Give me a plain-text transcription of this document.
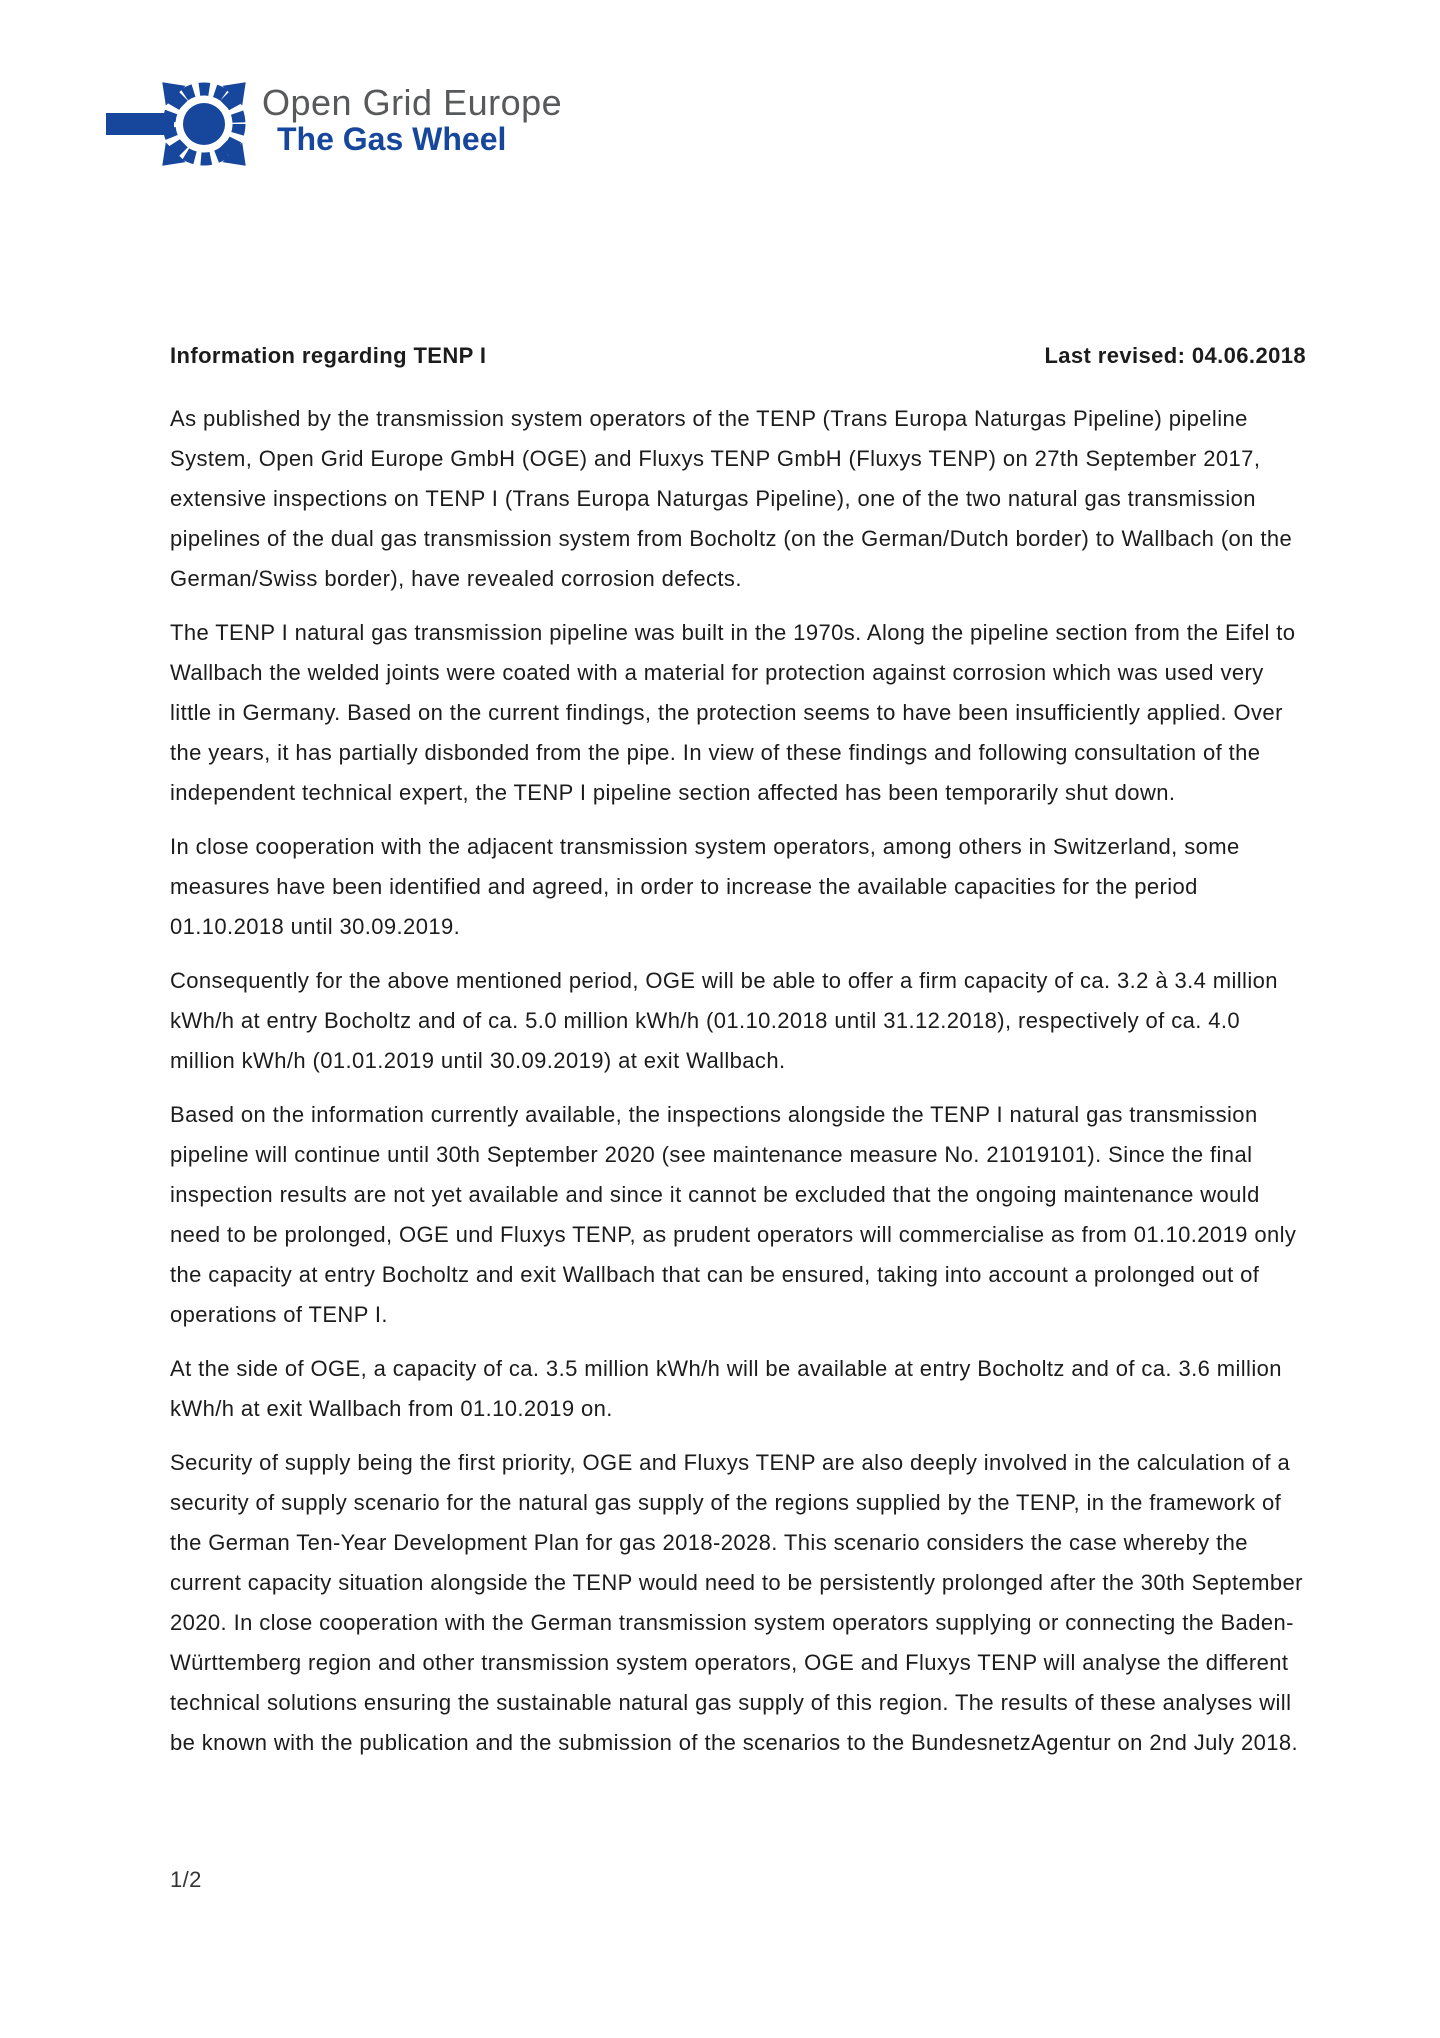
Open Grid Europe
The Gas Wheel
Information regarding TENP I	Last revised: 04.06.2018

As published by the transmission system operators of the TENP (Trans Europa Naturgas Pipeline) pipeline System, Open Grid Europe GmbH (OGE) and Fluxys TENP GmbH (Fluxys TENP) on 27th September 2017, extensive inspections on TENP I (Trans Europa Naturgas Pipeline), one of the two natural gas transmission pipelines of the dual gas transmission system from Bocholtz (on the German/Dutch border) to Wallbach (on the German/Swiss border), have revealed corrosion defects.

The TENP I natural gas transmission pipeline was built in the 1970s. Along the pipeline section from the Eifel to Wallbach the welded joints were coated with a material for protection against corrosion which was used very little in Germany. Based on the current findings, the protection seems to have been insufficiently applied. Over the years, it has partially disbonded from the pipe. In view of these findings and following consultation of the independent technical expert, the TENP I pipeline section affected has been temporarily shut down.

In close cooperation with the adjacent transmission system operators, among others in Switzerland, some measures have been identified and agreed, in order to increase the available capacities for the period 01.10.2018 until 30.09.2019.

Consequently for the above mentioned period, OGE will be able to offer a firm capacity of ca. 3.2 à 3.4 million kWh/h at entry Bocholtz and of ca. 5.0 million kWh/h (01.10.2018 until 31.12.2018), respectively of ca. 4.0 million kWh/h (01.01.2019 until 30.09.2019) at exit Wallbach.

Based on the information currently available, the inspections alongside the TENP I natural gas transmission pipeline will continue until 30th September 2020 (see maintenance measure No. 21019101). Since the final inspection results are not yet available and since it cannot be excluded that the ongoing maintenance would need to be prolonged, OGE und Fluxys TENP, as prudent operators will commercialise as from 01.10.2019 only the capacity at entry Bocholtz and exit Wallbach that can be ensured, taking into account a prolonged out of operations of TENP I.

At the side of OGE, a capacity of ca. 3.5 million kWh/h will be available at entry Bocholtz and of ca. 3.6 million kWh/h at exit Wallbach from 01.10.2019 on.

Security of supply being the first priority, OGE and Fluxys TENP are also deeply involved in the calculation of a security of supply scenario for the natural gas supply of the regions supplied by the TENP, in the framework of the German Ten-Year Development Plan for gas 2018-2028. This scenario considers the case whereby the current capacity situation alongside the TENP would need to be persistently prolonged after the 30th September 2020. In close cooperation with the German transmission system operators supplying or connecting the Baden-Württemberg region and other transmission system operators, OGE and Fluxys TENP will analyse the different technical solutions ensuring the sustainable natural gas supply of this region. The results of these analyses will be known with the publication and the submission of the scenarios to the BundesnetzAgentur on 2nd July 2018.

1/2
